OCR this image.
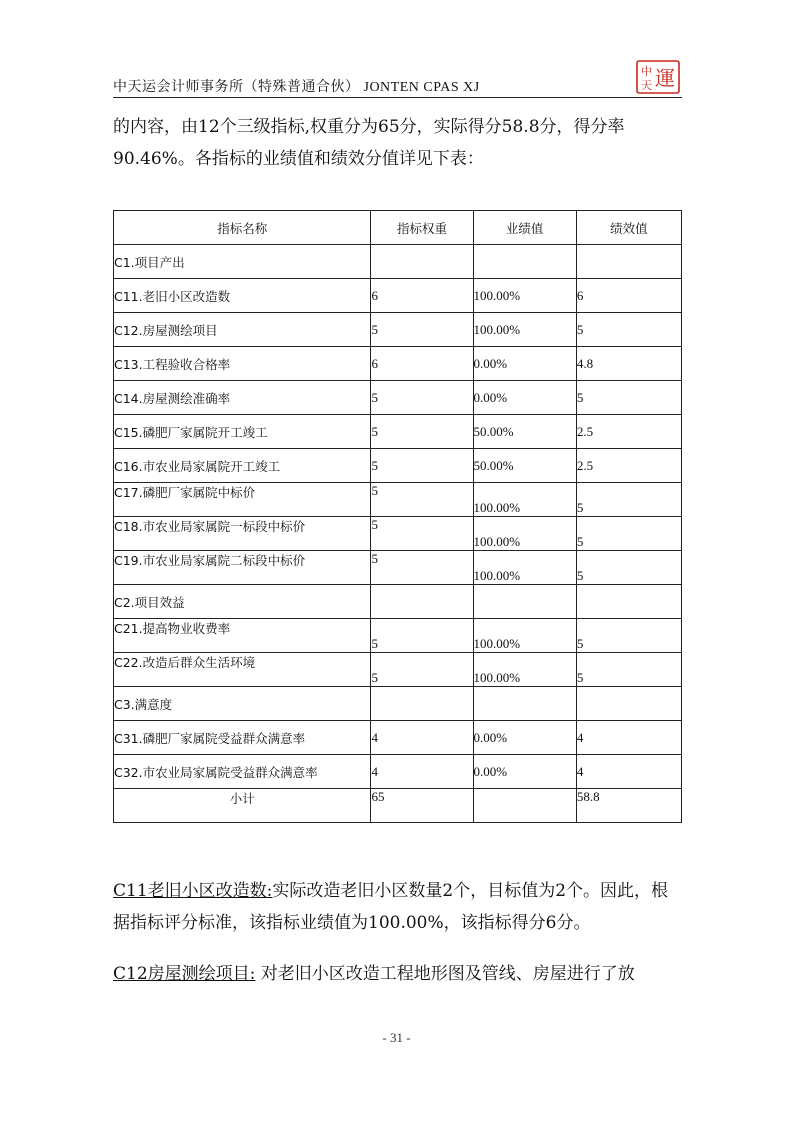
中天运会计师事务所（特殊普通合伙） JONTEN CPAS XJ
中
天 運
的内容，由12个三级指标,权重分为65分，实际得分58.8分，得分率90.46%。各指标的业绩值和绩效分值详见下表：
指标名称	指标权重	业绩值	绩效值
C1.项目产出			
C11.老旧小区改造数	6	100.00%	6
C12.房屋测绘项目	5	100.00%	5
C13.工程验收合格率	6	0.00%	4.8
C14.房屋测绘准确率	5	0.00%	5
C15.磷肥厂家属院开工竣工	5	50.00%	2.5
C16.市农业局家属院开工竣工	5	50.00%	2.5
C17.磷肥厂家属院中标价	5	100.00%	5
C18.市农业局家属院一标段中标价	5	100.00%	5
C19.市农业局家属院二标段中标价	5	100.00%	5
C2.项目效益			
C21.提高物业收费率	5	100.00%	5
C22.改造后群众生活环境	5	100.00%	5
C3.满意度			
C31.磷肥厂家属院受益群众满意率	4	0.00%	4
C32.市农业局家属院受益群众满意率	4	0.00%	4
小计	65		58.8
C11老旧小区改造数:实际改造老旧小区数量2个，目标值为2个。因此，根据指标评分标准，该指标业绩值为100.00%，该指标得分6分。
C12房屋测绘项目: 对老旧小区改造工程地形图及管线、房屋进行了放
- 31 -
